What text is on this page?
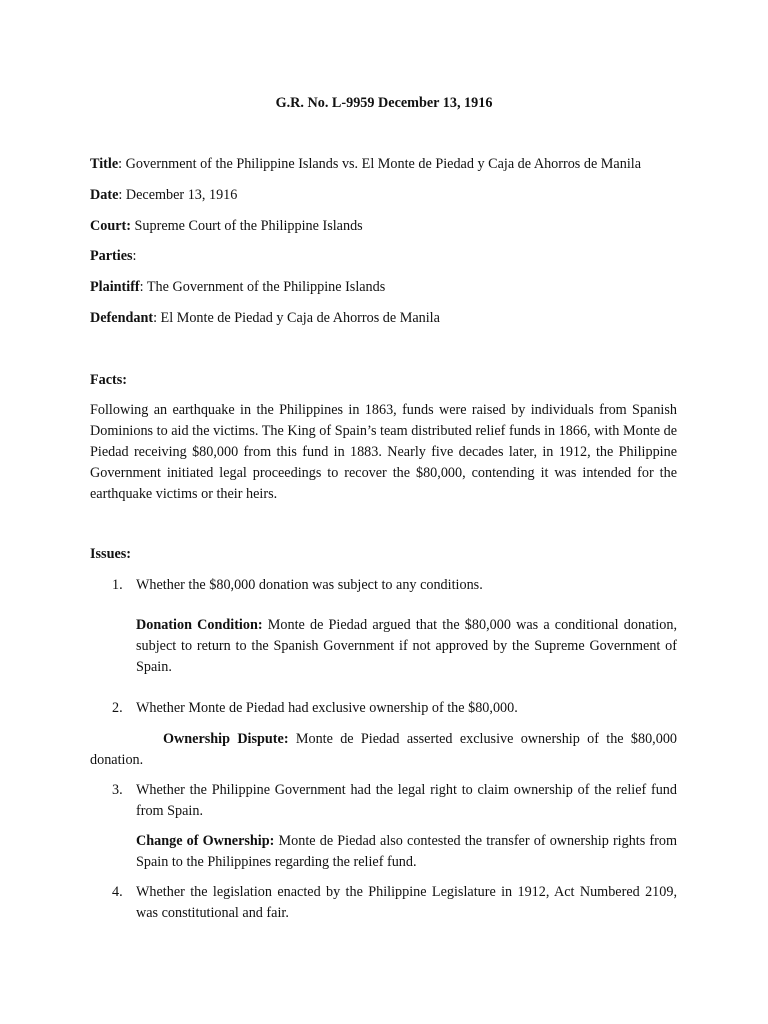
G.R. No. L-9959 December 13, 1916
Title: Government of the Philippine Islands vs. El Monte de Piedad y Caja de Ahorros de Manila
Date: December 13, 1916
Court: Supreme Court of the Philippine Islands
Parties:
Plaintiff: The Government of the Philippine Islands
Defendant: El Monte de Piedad y Caja de Ahorros de Manila
Facts:
Following an earthquake in the Philippines in 1863, funds were raised by individuals from Spanish Dominions to aid the victims. The King of Spain’s team distributed relief funds in 1866, with Monte de Piedad receiving $80,000 from this fund in 1883. Nearly five decades later, in 1912, the Philippine Government initiated legal proceedings to recover the $80,000, contending it was intended for the earthquake victims or their heirs.
Issues:
1. Whether the $80,000 donation was subject to any conditions.
Donation Condition: Monte de Piedad argued that the $80,000 was a conditional donation, subject to return to the Spanish Government if not approved by the Supreme Government of Spain.
2. Whether Monte de Piedad had exclusive ownership of the $80,000.
Ownership Dispute: Monte de Piedad asserted exclusive ownership of the $80,000 donation.
3. Whether the Philippine Government had the legal right to claim ownership of the relief fund from Spain.
Change of Ownership: Monte de Piedad also contested the transfer of ownership rights from Spain to the Philippines regarding the relief fund.
4. Whether the legislation enacted by the Philippine Legislature in 1912, Act Numbered 2109, was constitutional and fair.
